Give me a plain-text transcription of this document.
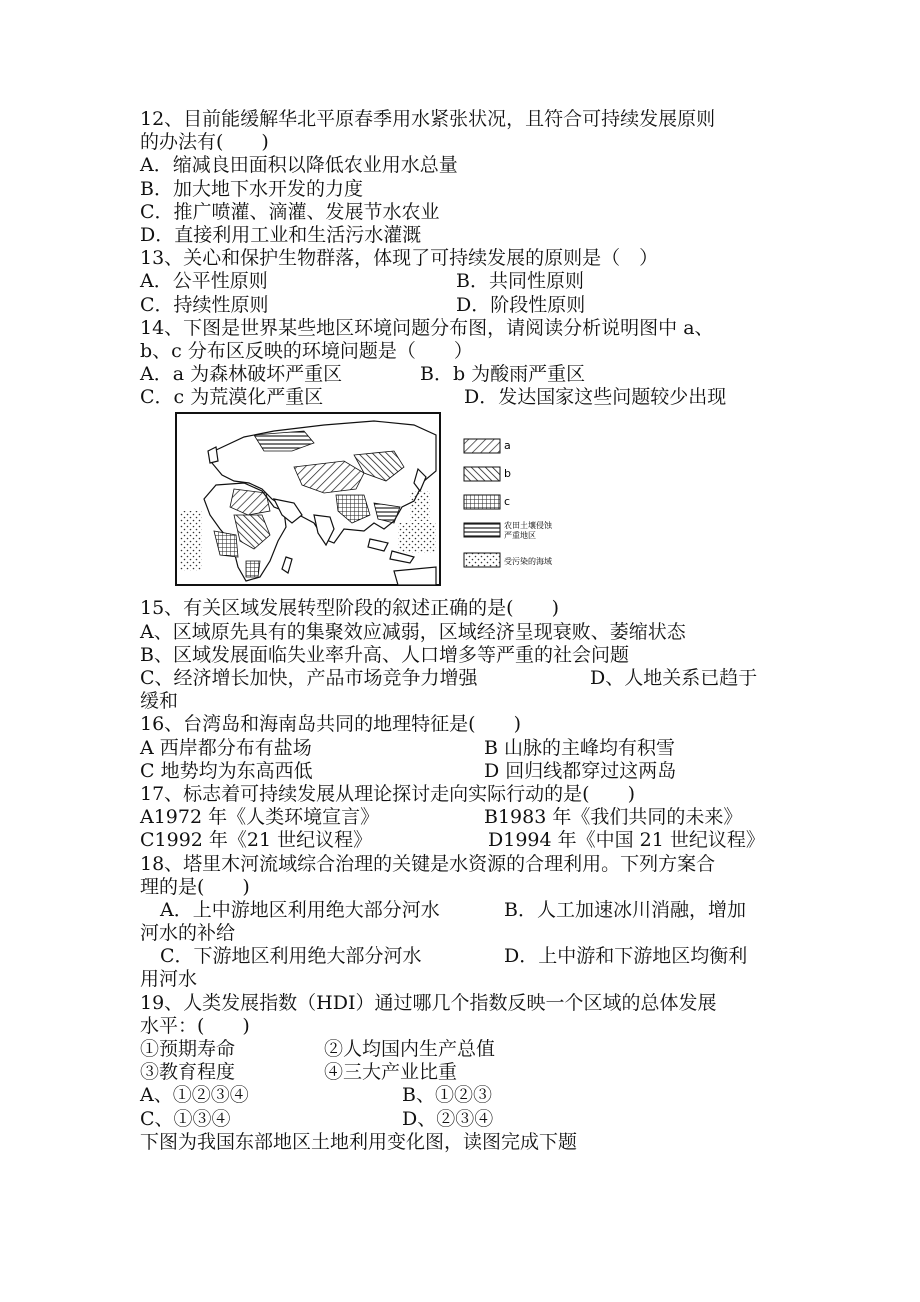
12、目前能缓解华北平原春季用水紧张状况，且符合可持续发展原则
的办法有(　　)
A．缩减良田面积以降低农业用水总量
B．加大地下水开发的力度
C．推广喷灌、滴灌、发展节水农业
D．直接利用工业和生活污水灌溉
13、关心和保护生物群落，体现了可持续发展的原则是（　）
A．公平性原则	B．共同性原则
C．持续性原则	D．阶段性原则
14、下图是世界某些地区环境问题分布图，请阅读分析说明图中 a、
b、c 分布区反映的环境问题是（　　）
A．a 为森林破坏严重区	B．b 为酸雨严重区
C．c 为荒漠化严重区	D．发达国家这些问题较少出现
a
b
c
农田土壤侵蚀
严重地区
受污染的海域
15、有关区域发展转型阶段的叙述正确的是(　　)
A、区域原先具有的集聚效应减弱，区域经济呈现衰败、萎缩状态
B、区域发展面临失业率升高、人口增多等严重的社会问题
C、经济增长加快，产品市场竞争力增强	D、人地关系已趋于
缓和
16、台湾岛和海南岛共同的地理特征是(　　)
A 西岸都分布有盐场	B 山脉的主峰均有积雪
C 地势均为东高西低	D 回归线都穿过这两岛
17、标志着可持续发展从理论探讨走向实际行动的是(　　)
A1972 年《人类环境宣言》	B1983 年《我们共同的未来》
C1992 年《21 世纪议程》	D1994 年《中国 21 世纪议程》
18、塔里木河流域综合治理的关键是水资源的合理利用。下列方案合
理的是(　　)
A．上中游地区利用绝大部分河水	B．人工加速冰川消融，增加
河水的补给
C．下游地区利用绝大部分河水	D．上中游和下游地区均衡利
用河水
19、人类发展指数（HDI）通过哪几个指数反映一个区域的总体发展
水平：(　　)
①预期寿命	②人均国内生产总值
③教育程度	④三大产业比重
A、①②③④	B、①②③
C、①③④	D、②③④
下图为我国东部地区土地利用变化图，读图完成下题
